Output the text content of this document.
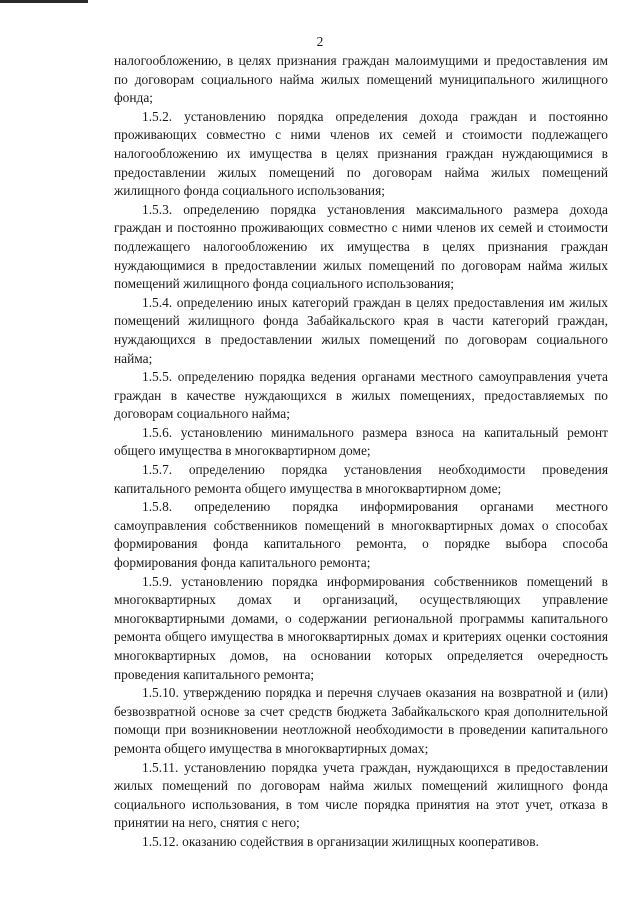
2

налогообложению, в целях признания граждан малоимущими и предоставления им по договорам социального найма жилых помещений муниципального жилищного фонда;

1.5.2. установлению порядка определения дохода граждан и постоянно проживающих совместно с ними членов их семей и стоимости подлежащего налогообложению их имущества в целях признания граждан нуждающимися в предоставлении жилых помещений по договорам найма жилых помещений жилищного фонда социального использования;

1.5.3. определению порядка установления максимального размера дохода граждан и постоянно проживающих совместно с ними членов их семей и стоимости подлежащего налогообложению их имущества в целях признания граждан нуждающимися в предоставлении жилых помещений по договорам найма жилых помещений жилищного фонда социального использования;

1.5.4. определению иных категорий граждан в целях предоставления им жилых помещений жилищного фонда Забайкальского края в части категорий граждан, нуждающихся в предоставлении жилых помещений по договорам социального найма;

1.5.5. определению порядка ведения органами местного самоуправления учета граждан в качестве нуждающихся в жилых помещениях, предоставляемых по договорам социального найма;

1.5.6. установлению минимального размера взноса на капитальный ремонт общего имущества в многоквартирном доме;

1.5.7. определению порядка установления необходимости проведения капитального ремонта общего имущества в многоквартирном доме;

1.5.8. определению порядка информирования органами местного самоуправления собственников помещений в многоквартирных домах о способах формирования фонда капитального ремонта, о порядке выбора способа формирования фонда капитального ремонта;

1.5.9. установлению порядка информирования собственников помещений в многоквартирных домах и организаций, осуществляющих управление многоквартирными домами, о содержании региональной программы капитального ремонта общего имущества в многоквартирных домах и критериях оценки состояния многоквартирных домов, на основании которых определяется очередность проведения капитального ремонта;

1.5.10. утверждению порядка и перечня случаев оказания на возвратной и (или) безвозвратной основе за счет средств бюджета Забайкальского края дополнительной помощи при возникновении неотложной необходимости в проведении капитального ремонта общего имущества в многоквартирных домах;

1.5.11. установлению порядка учета граждан, нуждающихся в предоставлении жилых помещений по договорам найма жилых помещений жилищного фонда социального использования, в том числе порядка принятия на этот учет, отказа в принятии на него, снятия с него;

1.5.12. оказанию содействия в организации жилищных кооперативов.
